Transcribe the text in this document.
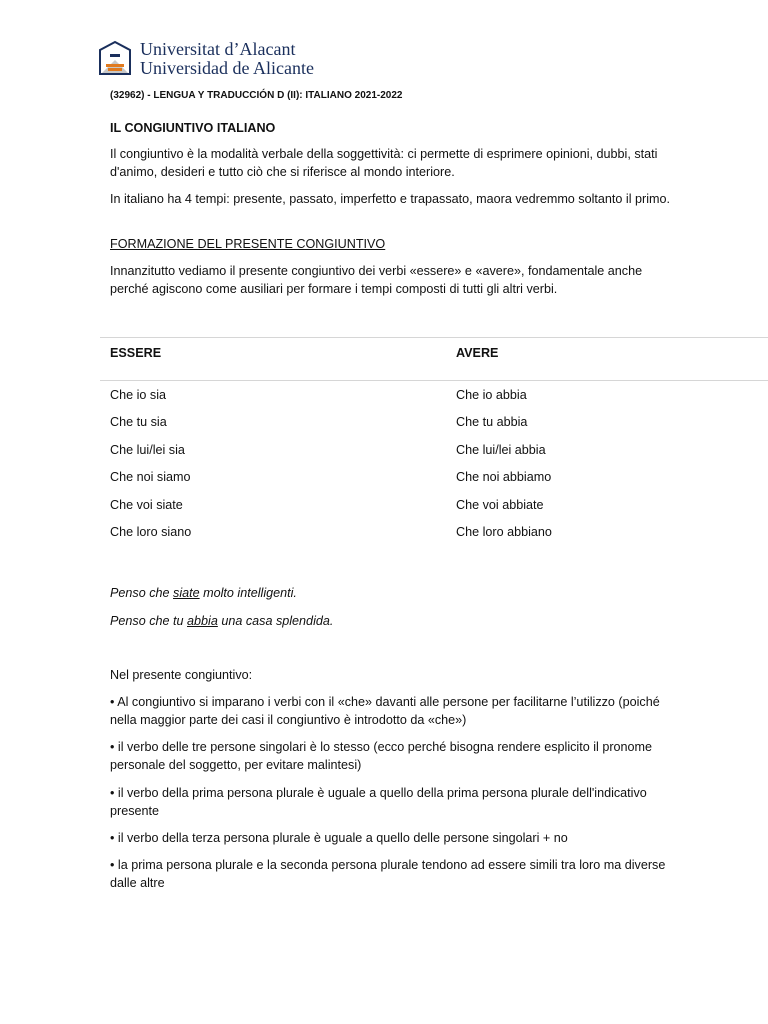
Universitat d’Alacant
Universidad de Alicante
(32962) - LENGUA Y TRADUCCIÓN D (II): ITALIANO 2021-2022
IL CONGIUNTIVO ITALIANO
Il congiuntivo è la modalità verbale della soggettività: ci permette di esprimere opinioni, dubbi, stati d'animo, desideri e tutto ciò che si riferisce al mondo interiore.
In italiano ha 4 tempi: presente, passato, imperfetto e trapassato, maora vedremmo soltanto il primo.
FORMAZIONE DEL PRESENTE CONGIUNTIVO
Innanzitutto vediamo il presente congiuntivo dei verbi «essere» e «avere», fondamentale anche perché agiscono come ausiliari per formare i tempi composti di tutti gli altri verbi.
ESSERE	AVERE
Che io sia	Che io abbia
Che tu sia	Che tu abbia
Che lui/lei sia	Che lui/lei abbia
Che noi siamo	Che noi abbiamo
Che voi siate	Che voi abbiate
Che loro siano	Che loro abbiano
Penso che siate molto intelligenti.
Penso che tu abbia una casa splendida.
Nel presente congiuntivo:
• Al congiuntivo si imparano i verbi con il «che» davanti alle persone per facilitarne l’utilizzo (poiché nella maggior parte dei casi il congiuntivo è introdotto da «che»)
• il verbo delle tre persone singolari è lo stesso (ecco perché bisogna rendere esplicito il pronome personale del soggetto, per evitare malintesi)
• il verbo della prima persona plurale è uguale a quello della prima persona plurale dell'indicativo presente
• il verbo della terza persona plurale è uguale a quello delle persone singolari + no
• la prima persona plurale e la seconda persona plurale tendono ad essere simili tra loro ma diverse dalle altre
